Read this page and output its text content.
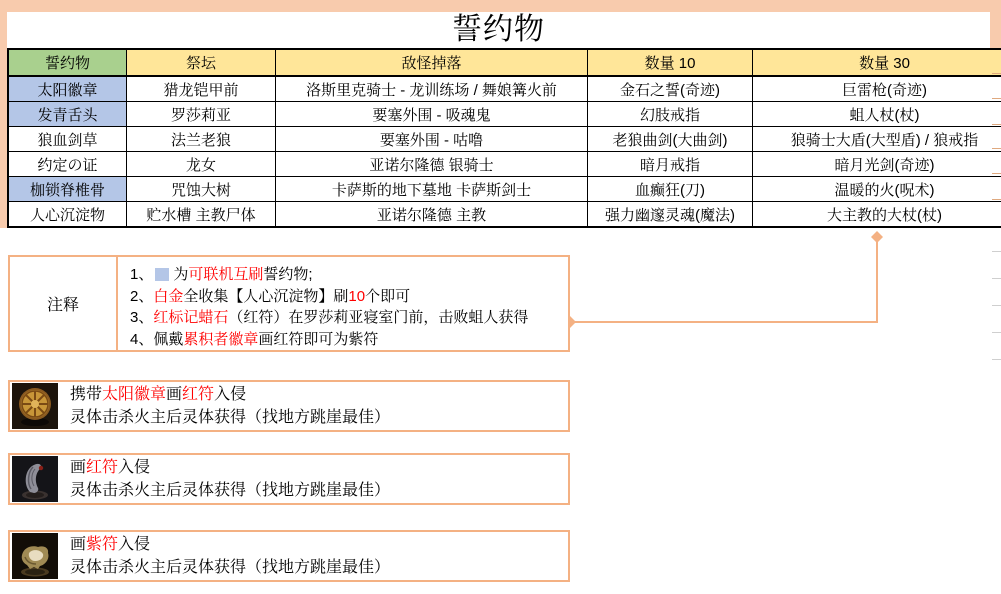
誓约物
誓约物	祭坛	敌怪掉落	数量 10	数量 30
太阳徽章	猎龙铠甲前	洛斯里克骑士 - 龙训练场 / 舞娘篝火前	金石之誓(奇迹)	巨雷枪(奇迹)
发青舌头	罗莎莉亚	要塞外围 - 吸魂鬼	幻肢戒指	蛆人杖(杖)
狼血剑草	法兰老狼	要塞外围 - 咕噜	老狼曲剑(大曲剑)	狼骑士大盾(大型盾) / 狼戒指
约定の证	龙女	亚诺尔隆德 银骑士	暗月戒指	暗月光剑(奇迹)
枷锁脊椎骨	咒蚀大树	卡萨斯的地下墓地 卡萨斯剑士	血癫狂(刀)	温暖的火(呪术)
人心沉淀物	贮水槽 主教尸体	亚诺尔隆德 主教	强力幽邃灵魂(魔法)	大主教的大杖(杖)
注释
1、 为可联机互刷誓约物;
2、白金全收集【人心沉淀物】刷10个即可
3、红标记蜡石（红符）在罗莎莉亚寝室门前，击败蛆人获得
4、佩戴累积者徽章画红符即可为紫符
携带太阳徽章画红符入侵
灵体击杀火主后灵体获得（找地方跳崖最佳）
画红符入侵
灵体击杀火主后灵体获得（找地方跳崖最佳）
画紫符入侵
灵体击杀火主后灵体获得（找地方跳崖最佳）
